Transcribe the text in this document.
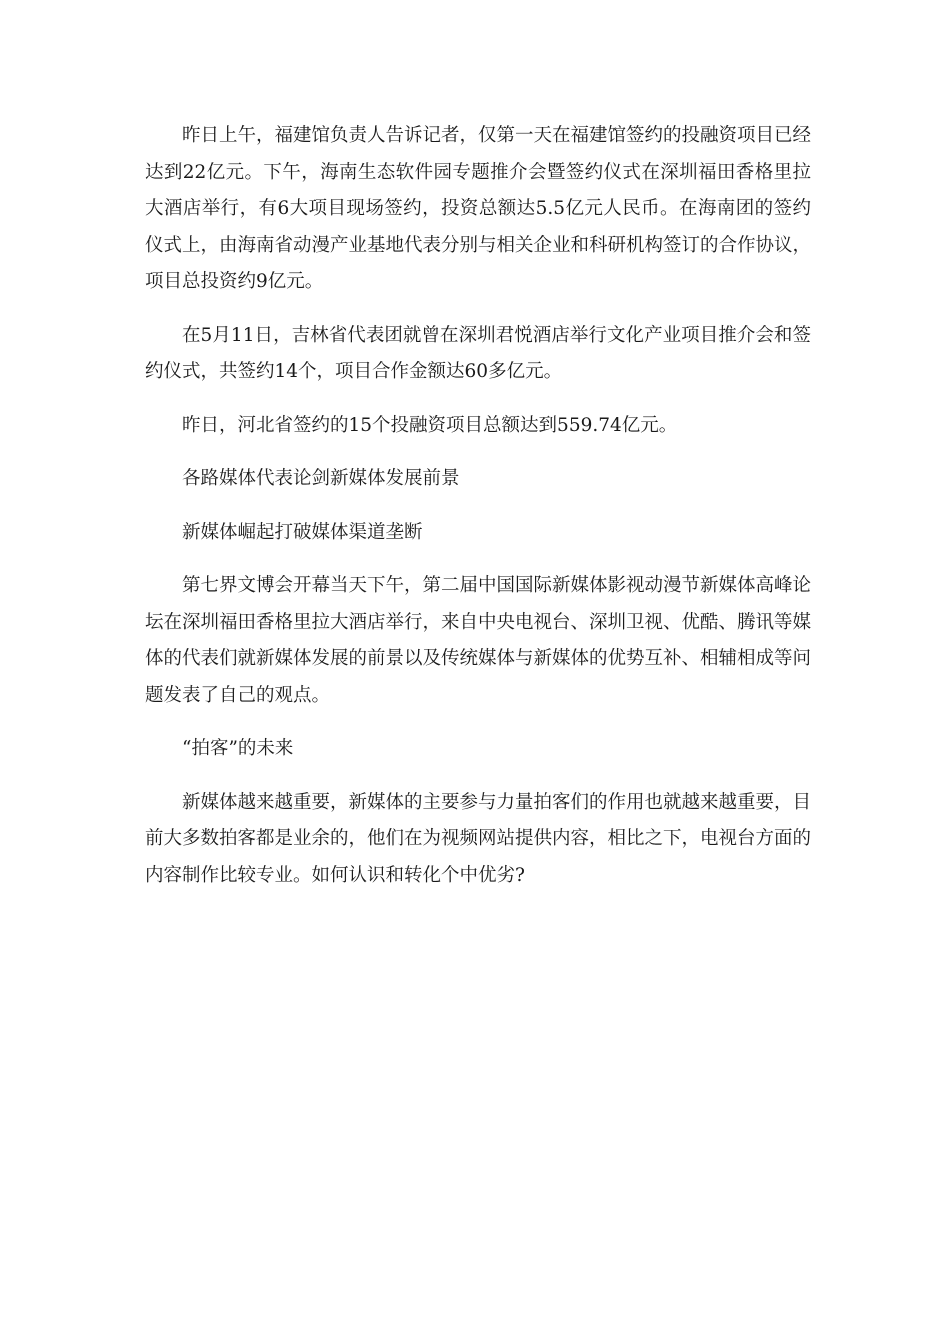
昨日上午，福建馆负责人告诉记者，仅第一天在福建馆签约的投融资项目已经达到22亿元。下午，海南生态软件园专题推介会暨签约仪式在深圳福田香格里拉大酒店举行，有6大项目现场签约，投资总额达5.5亿元人民币。在海南团的签约仪式上，由海南省动漫产业基地代表分别与相关企业和科研机构签订的合作协议，项目总投资约9亿元。

在5月11日，吉林省代表团就曾在深圳君悦酒店举行文化产业项目推介会和签约仪式，共签约14个，项目合作金额达60多亿元。

昨日，河北省签约的15个投融资项目总额达到559.74亿元。

各路媒体代表论剑新媒体发展前景

新媒体崛起打破媒体渠道垄断

第七界文博会开幕当天下午，第二届中国国际新媒体影视动漫节新媒体高峰论坛在深圳福田香格里拉大酒店举行，来自中央电视台、深圳卫视、优酷、腾讯等媒体的代表们就新媒体发展的前景以及传统媒体与新媒体的优势互补、相辅相成等问题发表了自己的观点。

“拍客”的未来

新媒体越来越重要，新媒体的主要参与力量拍客们的作用也就越来越重要，目前大多数拍客都是业余的，他们在为视频网站提供内容，相比之下，电视台方面的内容制作比较专业。如何认识和转化个中优劣?
